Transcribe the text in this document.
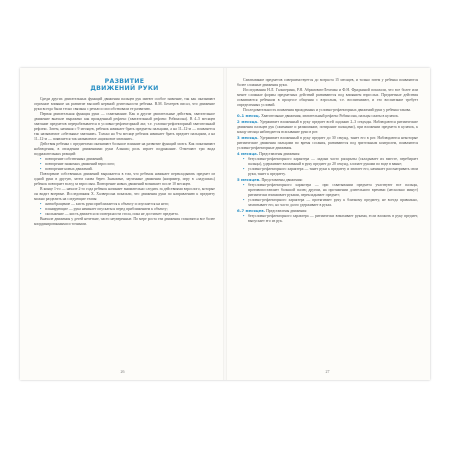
РАЗВИТИЕ
ДВИЖЕНИЙ РУКИ

Среди других двигательных функций движения пальцев рук имеют особое значение, так как оказывают огромное влияние на развитие высшей нервной деятельности ребенка. В.М. Бехтерев писал, что движение руки всегда были тесно связаны с речью и способствовали ее развитию.

Первая двигательная функция руки — схватывание. Как и другие двигательные действия, хватательное движение вначале выражено как врожденный рефлекс (хватательный рефлекс Робинсона). В 4–5 месяцев хватание предметов перерабатывается в условно-рефлекторный акт, т.е. условно-рефлекторный хватательный рефлекс. Затем, начиная с 9 месяцев, ребенок начинает брать предметы пальцами, а на 11–12-м — появляется так называемое «обезьянье хватание». Только на 9-м месяце ребенок начинает брать предмет пальцами, а на 11–12-м — появляется так называемое «щипковое хватание».

Действия ребенка с предметами оказывают большое влияние на развитие функций мозга. Как показывают наблюдения, в овладении движениями руки Альшиц роль играет подражание. Отмечают три вида подражательных реакций:

• повторение собственных движений;
• повторение знакомых движений взрослого;
• повторение новых движений.

Повторение собственных движений выражается в том, что ребенок начинает перекладывать предмет из одной руки в другую, затем снова берет. Знакомые, заученные движения (например, игру в «ладушки») ребенок повторяет вслед за взрослым. Повторение новых движений возникает после 10 месяцев.

В конце 1-го — начале 2-го года ребенок начинает внимательно следить за действиями взрослого, которые он видит впервые. Исследования Х. Халверсона показали, что движения руки по направлению к предмету можно разделить на следующие этапы:

• антиобращение — кисть руки приближается к объекту и опускается на него;
• планирующие — рука начинает опускаться перед приближением к объекту;
• скольжение — кисть движется по поверхности стола, пока не достигнет предмета.

Вначале движения у детей нечеткие, часто неуверенные. По мере роста эти движения становятся все более координированными и точными.

26

Схватывание предметов совершенствуется до возраста 15 месяцев, и только затем у ребенка появляются более сложные движения руки.

Исследования Н.Л. Гальперина, Р.Я. Абрамович-Лехтман и Ф.Н. Фрадкиной показали, что все более или менее сложные формы предметных действий развиваются под влиянием взрослых. Предметные действия осваиваются ребенком в процессе общения с взрослым, т.е. воспитывают, и это воспитание требует определенных условий.

Последовательность появления врожденных и условно-рефлекторных движений руки у ребенка такова.

0–1 месяц. Хватательные движения, хватательный рефлекс Робинсона, пальцы сжаты в кулачок.

2 месяца. Удерживает вложенный в руку предмет всей ладонью 2–3 секунды. Наблюдаются ритмические движения пальцев рук (сжимание и разжимание, потирание пальцами), при вложении предмета в кулачок, к концу месяца наблюдается всасывание руки в рот.

3 месяца. Удерживает вложенный в руку предмет до 30 секунд, тянет его в рот. Наблюдаются некоторые ритмические движения пальцами во время сосания, развиваются под зрительным контролем, появляются условно-рефлекторные движения.

4 месяца. Представлены движения:

• безусловно-рефлекторного характера — ладони часто раскрыты (складывает их вместе, перебирает пальцы), удерживает вложенный в руку предмет до 20 секунд, хлопает руками по воде в ванне;
• условно-рефлекторного характера — тянет руки к предмету и хватает его, начинает рассматривать свои руки, тянет к предмету.

5 месяцев. Представлены движения:

• безусловно-рефлекторного характера — при схватывании предмета участвуют все пальцы, противопоставляет большой палец другим, на протяжении длительного времени (несколько минут) ритмически взмахивает руками, перекладывает предмет;
• условно-рефлекторного характера — протягивает руку к близкому предмету, не всегда правильно, захватывает его, но часто долго удерживает в руках.

6–7 месяцев. Представлены движения:

• безусловно-рефлекторного характера — ритмически взмахивает руками, если вложить в руку предмет, выпускает его из рук.
27
